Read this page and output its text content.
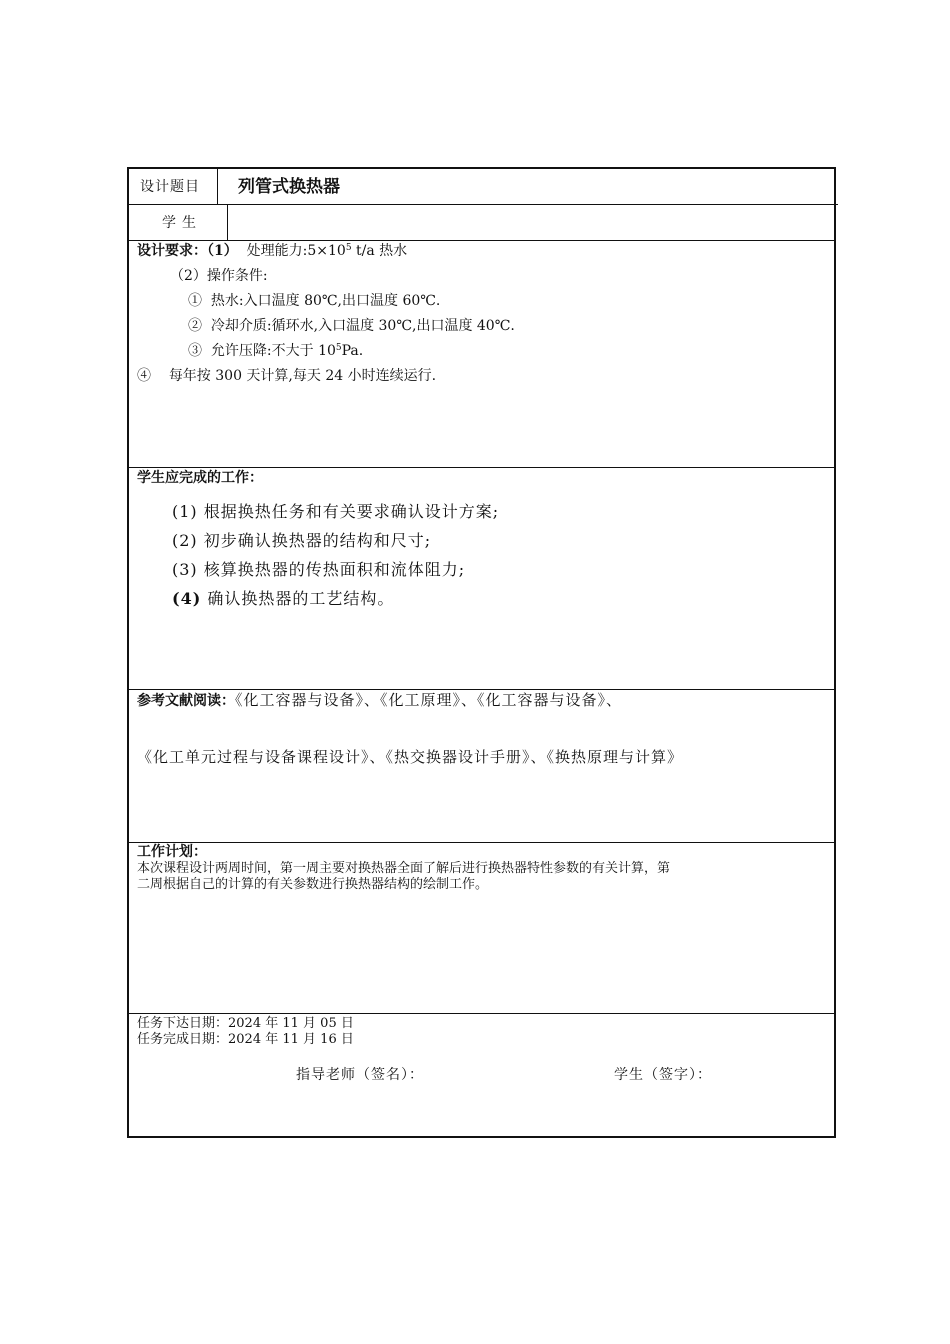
设计题目 列管式换热器
学生
设计要求：（1） 处理能力$:5\times 10^5$ t/a 热水
（2）操作条件:
① 热水:入口温度 80℃,出口温度 60℃.
② 冷却介质:循环水,入口温度 30℃,出口温度 40℃.
③ 允许压降:不大于 $10^5Pa$.
④ 每年按 300 天计算,每天 24 小时连续运行.
学生应完成的工作：
(1) 根据换热任务和有关要求确认设计方案;
(2) 初步确认换热器的结构和尺寸;
(3) 核算换热器的传热面积和流体阻力;
(4) 确认换热器的工艺结构。
参考文献阅读：《化工容器与设备》、《化工原理》、《化工容器与设备》、
《化工单元过程与设备课程设计》、《热交换器设计手册》、《换热原理与计算》
工作计划：
本次课程设计两周时间，第一周主要对换热器全面了解后进行换热器特性参数的有关计算，第
二周根据自己的计算的有关参数进行换热器结构的绘制工作。
任务下达日期：2024 年 11 月 05 日
任务完成日期：2024 年 11 月 16 日
指导老师（签名）：	学生（签字）：
